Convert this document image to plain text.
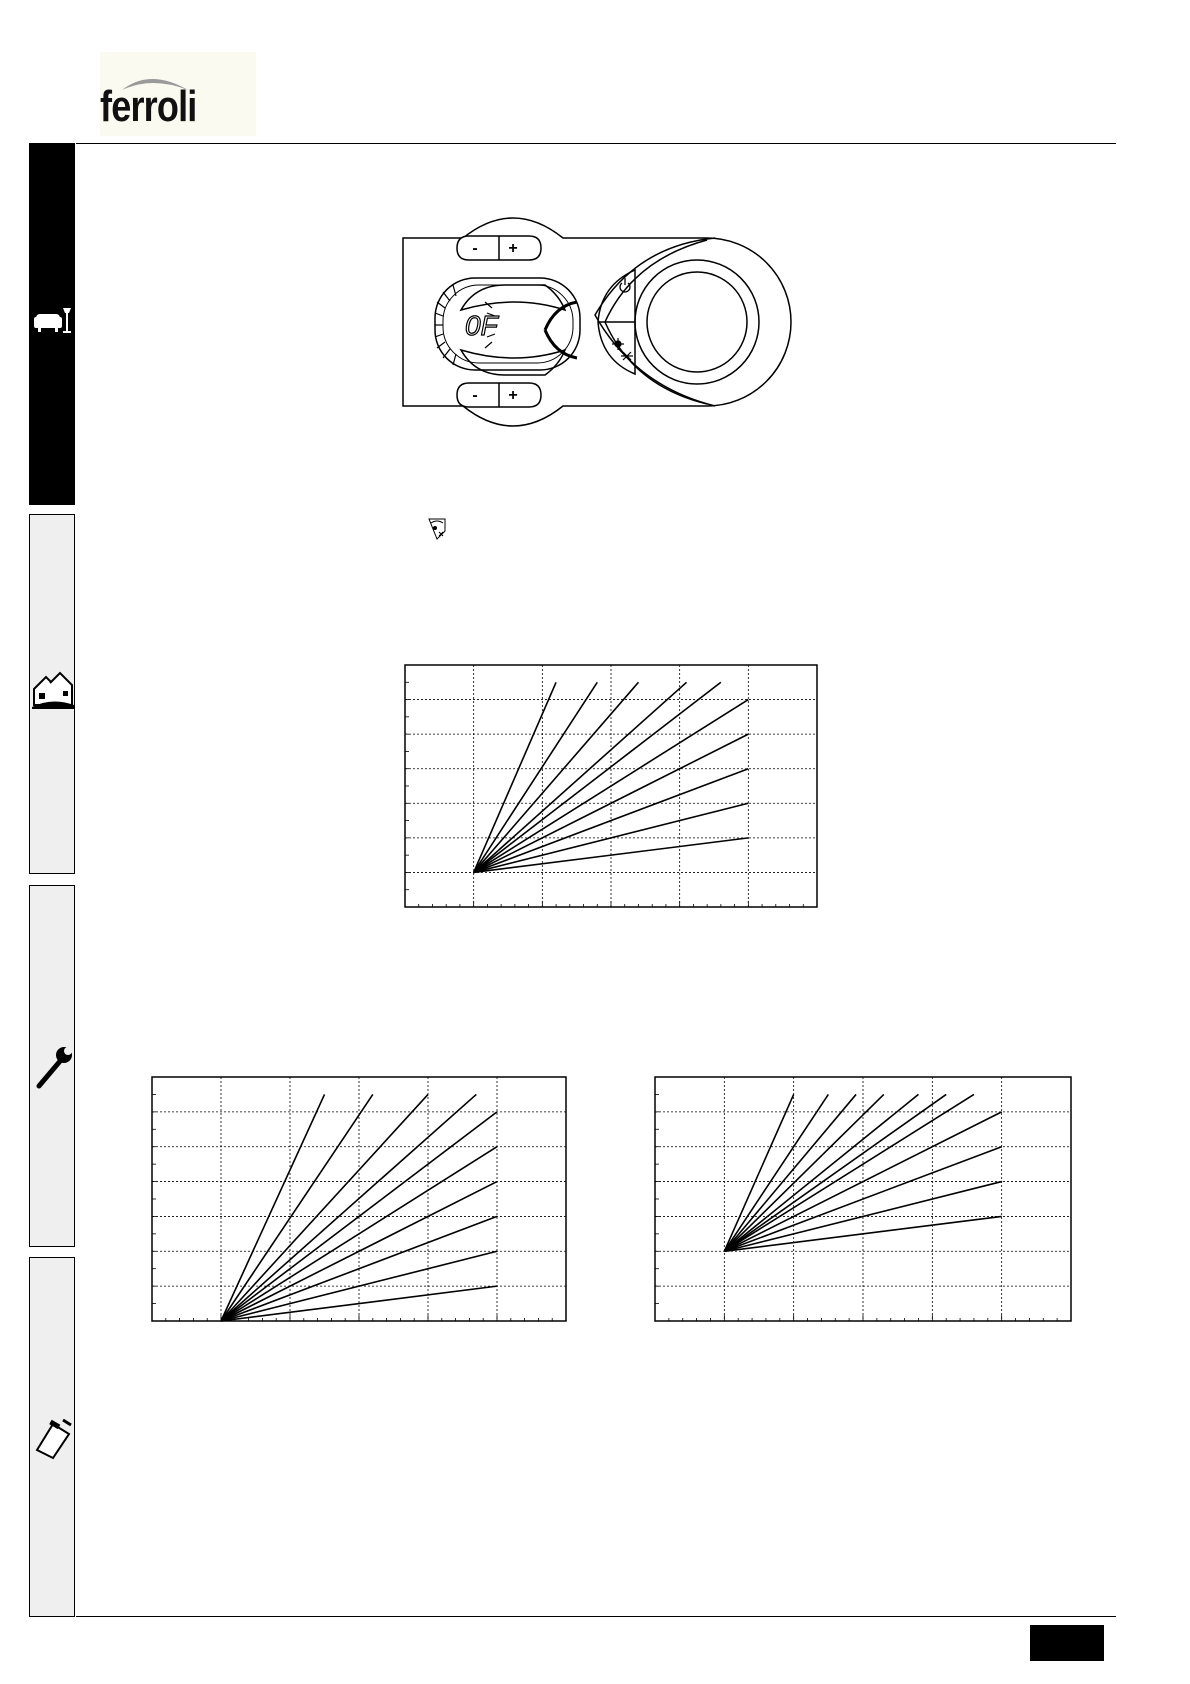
ferroli
- +
- +
0F
